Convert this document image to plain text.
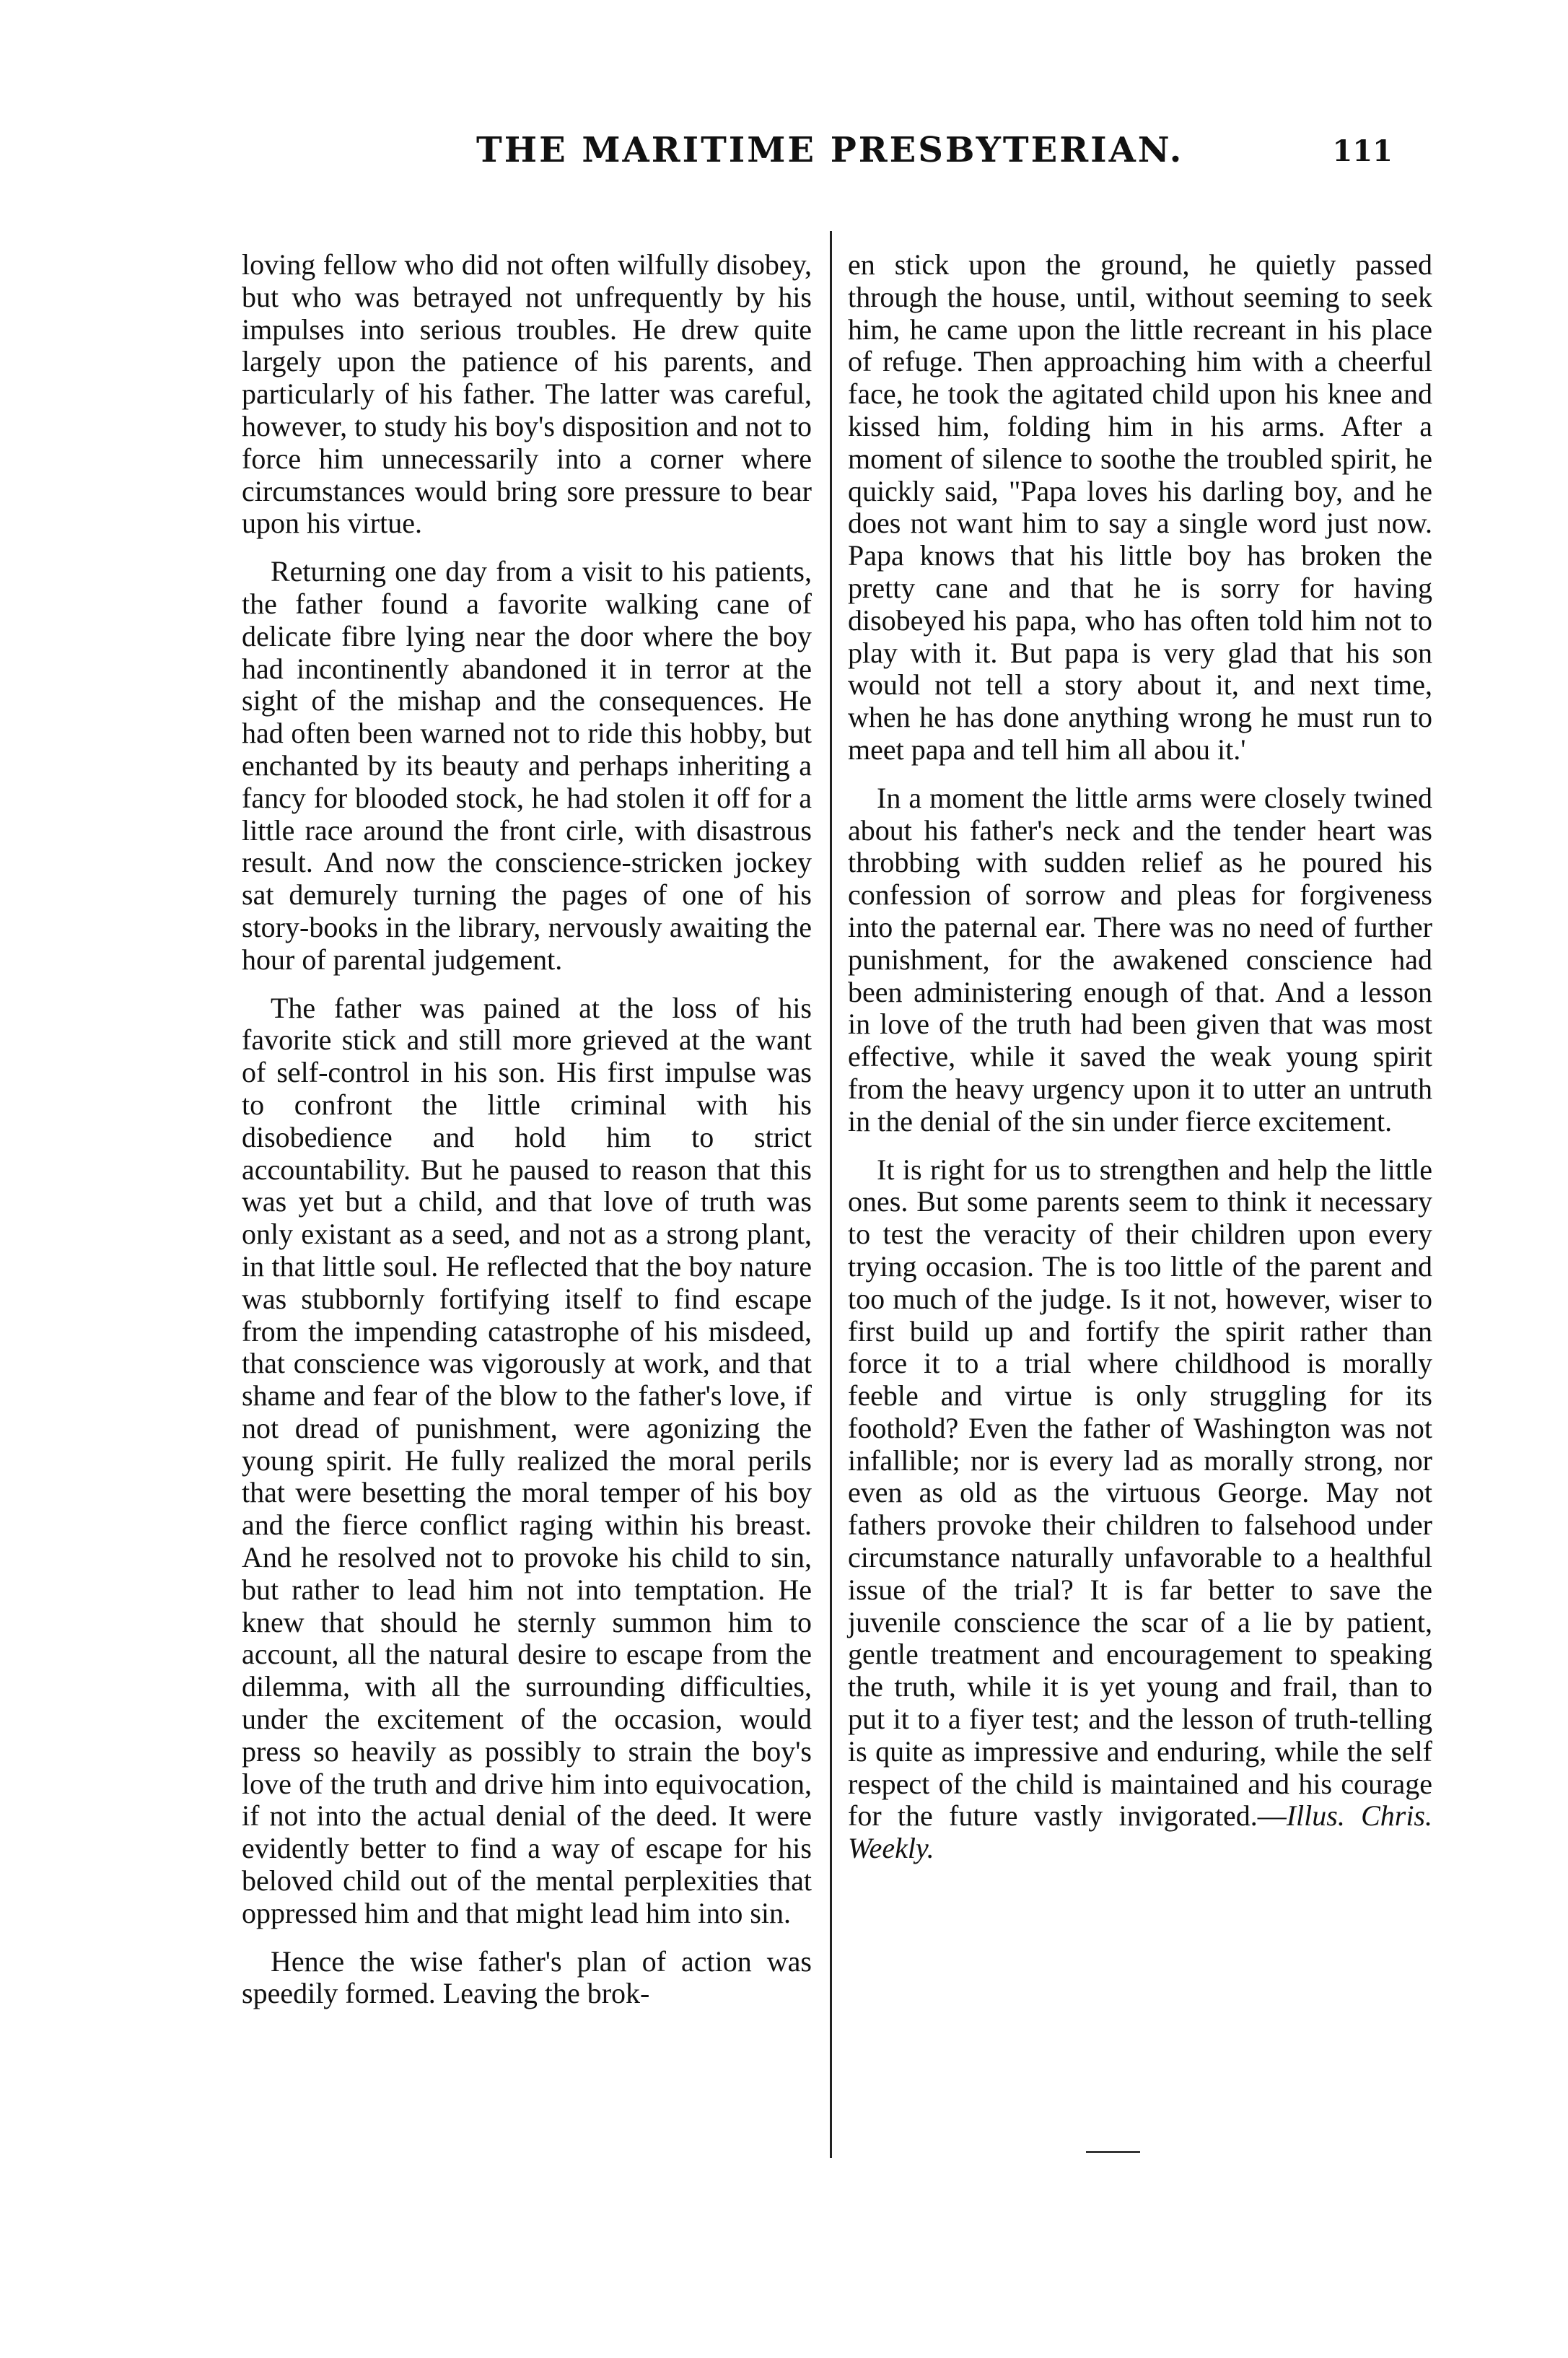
THE MARITIME PRESBYTERIAN.	111

loving fellow who did not often wilfully disobey, but who was betrayed not unfrequently by his impulses into serious troubles. He drew quite largely upon the patience of his parents, and particularly of his father. The latter was careful, however, to study his boy's disposition and not to force him unnecessarily into a corner where circumstances would bring sore pressure to bear upon his virtue.

Returning one day from a visit to his patients, the father found a favorite walking cane of delicate fibre lying near the door where the boy had incontinently abandoned it in terror at the sight of the mishap and the consequences. He had often been warned not to ride this hobby, but enchanted by its beauty and perhaps inheriting a fancy for blooded stock, he had stolen it off for a little race around the front cirle, with disastrous result. And now the conscience-stricken jockey sat demurely turning the pages of one of his story-books in the library, nervously awaiting the hour of parental judgement.

The father was pained at the loss of his favorite stick and still more grieved at the want of self-control in his son. His first impulse was to confront the little criminal with his disobedience and hold him to strict accountability. But he paused to reason that this was yet but a child, and that love of truth was only existant as a seed, and not as a strong plant, in that little soul. He reflected that the boy nature was stubbornly fortifying itself to find escape from the impending catastrophe of his misdeed, that conscience was vigorously at work, and that shame and fear of the blow to the father's love, if not dread of punishment, were agonizing the young spirit. He fully realized the moral perils that were besetting the moral temper of his boy and the fierce conflict raging within his breast. And he resolved not to provoke his child to sin, but rather to lead him not into temptation. He knew that should he sternly summon him to account, all the natural desire to escape from the dilemma, with all the surrounding difficulties, under the excitement of the occasion, would press so heavily as possibly to strain the boy's love of the truth and drive him into equivocation, if not into the actual denial of the deed. It were evidently better to find a way of escape for his beloved child out of the mental perplexities that oppressed him and that might lead him into sin.

Hence the wise father's plan of action was speedily formed. Leaving the brok-

en stick upon the ground, he quietly passed through the house, until, without seeming to seek him, he came upon the little recreant in his place of refuge. Then approaching him with a cheerful face, he took the agitated child upon his knee and kissed him, folding him in his arms. After a moment of silence to soothe the troubled spirit, he quickly said, "Papa loves his darling boy, and he does not want him to say a single word just now. Papa knows that his little boy has broken the pretty cane and that he is sorry for having disobeyed his papa, who has often told him not to play with it. But papa is very glad that his son would not tell a story about it, and next time, when he has done anything wrong he must run to meet papa and tell him all abou it.'

In a moment the little arms were closely twined about his father's neck and the tender heart was throbbing with sudden relief as he poured his confession of sorrow and pleas for forgiveness into the paternal ear. There was no need of further punishment, for the awakened conscience had been administering enough of that. And a lesson in love of the truth had been given that was most effective, while it saved the weak young spirit from the heavy urgency upon it to utter an untruth in the denial of the sin under fierce excitement.

It is right for us to strengthen and help the little ones. But some parents seem to think it necessary to test the veracity of their children upon every trying occasion. The is too little of the parent and too much of the judge. Is it not, however, wiser to first build up and fortify the spirit rather than force it to a trial where childhood is morally feeble and virtue is only struggling for its foothold? Even the father of Washington was not infallible; nor is every lad as morally strong, nor even as old as the virtuous George. May not fathers provoke their children to falsehood under circumstance naturally unfavorable to a healthful issue of the trial? It is far better to save the juvenile conscience the scar of a lie by patient, gentle treatment and encouragement to speaking the truth, while it is yet young and frail, than to put it to a fiyer test; and the lesson of truth-telling is quite as impressive and enduring, while the self respect of the child is maintained and his courage for the future vastly invigorated.—Illus. Chris. Weekly.
